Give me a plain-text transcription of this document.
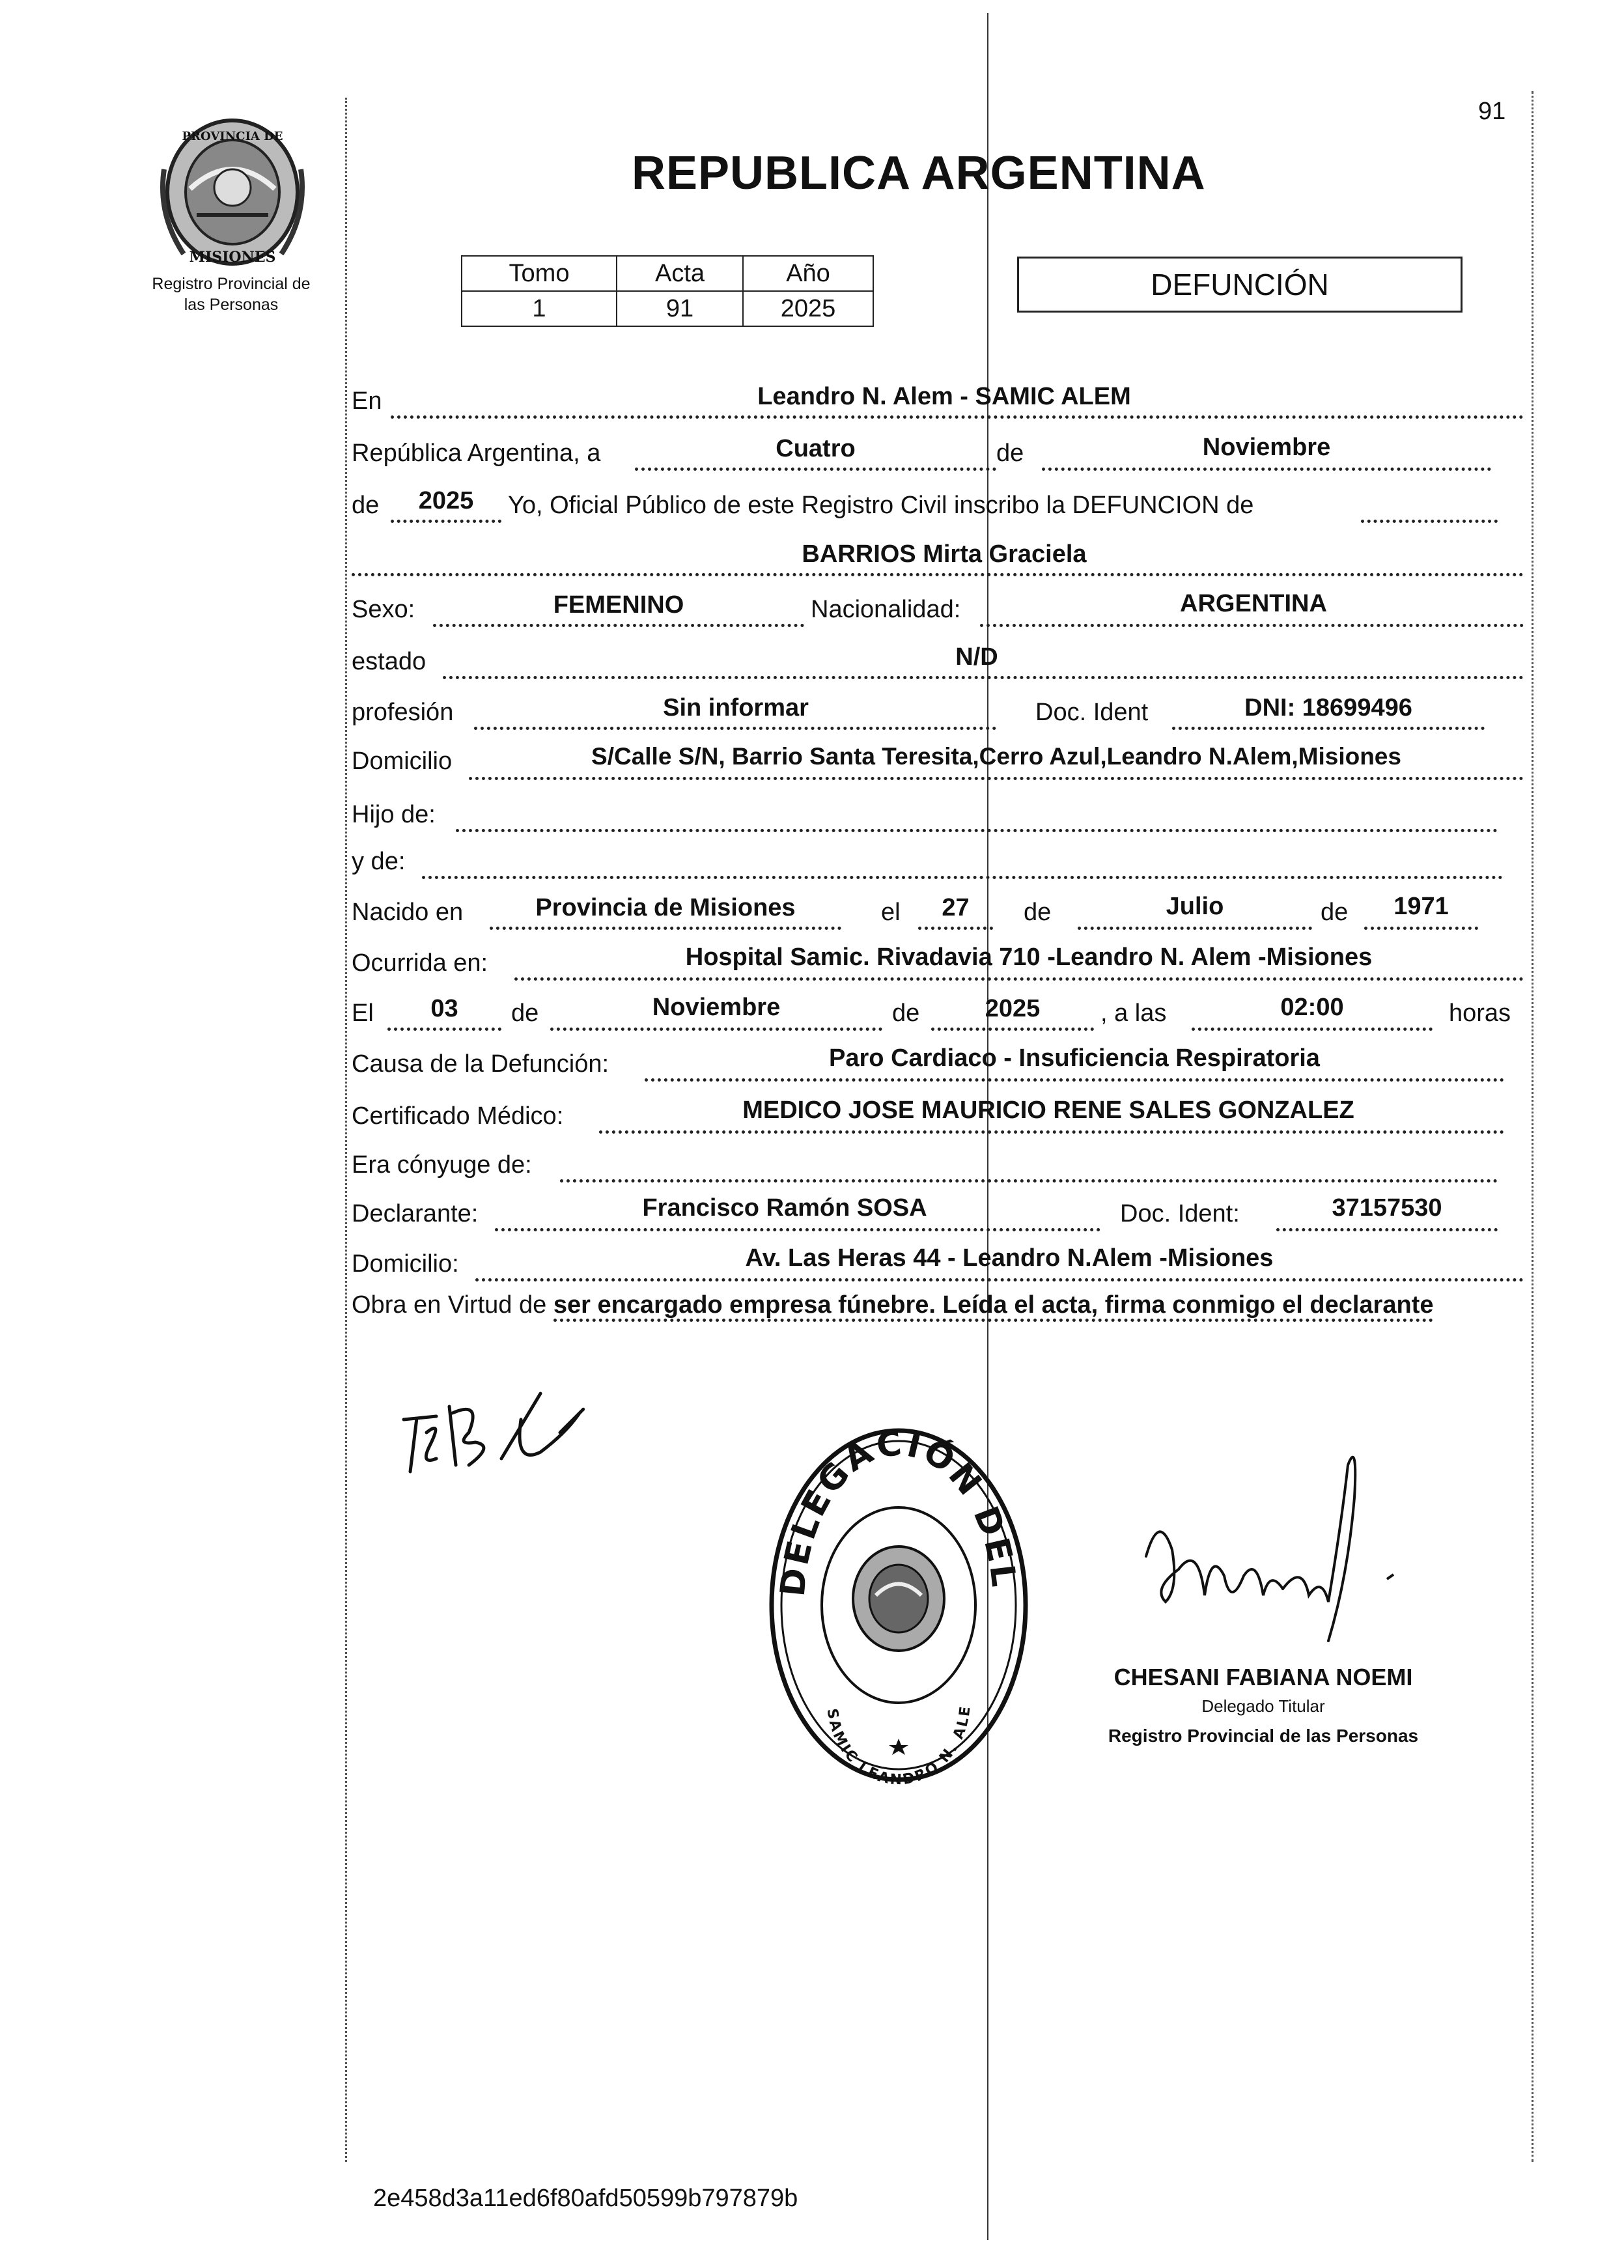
PROVINCIA DE
MISIONES
Registro Provincial de
las Personas
REPUBLICA ARGENTINA
91
Tomo	Acta	Año
1	91	2025
DEFUNCIÓN
En	Leandro N. Alem - SAMIC ALEM
República Argentina, a	Cuatro	de	Noviembre
de	2025	Yo, Oficial Público de este Registro Civil inscribo la DEFUNCION de
BARRIOS Mirta Graciela
Sexo:	FEMENINO	Nacionalidad:	ARGENTINA
estado	N/D
profesión	Sin informar	Doc. Ident	DNI: 18699496
Domicilio	S/Calle S/N, Barrio Santa Teresita,Cerro Azul,Leandro N.Alem,Misiones
Hijo de:
y de:
Nacido en	Provincia de Misiones	el	27	de	Julio	de	1971
Ocurrida en:	Hospital Samic. Rivadavia 710 -Leandro N. Alem -Misiones
El	03	de	Noviembre	de	2025	, a las	02:00	horas
Causa de la Defunción:	Paro Cardiaco - Insuficiencia Respiratoria
Certificado Médico:	MEDICO JOSE MAURICIO RENE SALES GONZALEZ
Era cónyuge de:
Declarante:	Francisco Ramón SOSA	Doc. Ident:	37157530
Domicilio:	Av. Las Heras 44 - Leandro N.Alem -Misiones
Obra en Virtud de ser encargado empresa fúnebre. Leída el acta, firma conmigo el declarante
DELEGACIÓN DEL
SAMIC LEANDRO N. ALE
CHESANI FABIANA NOEMI
Delegado Titular
Registro Provincial de las Personas
2e458d3a11ed6f80afd50599b797879b
